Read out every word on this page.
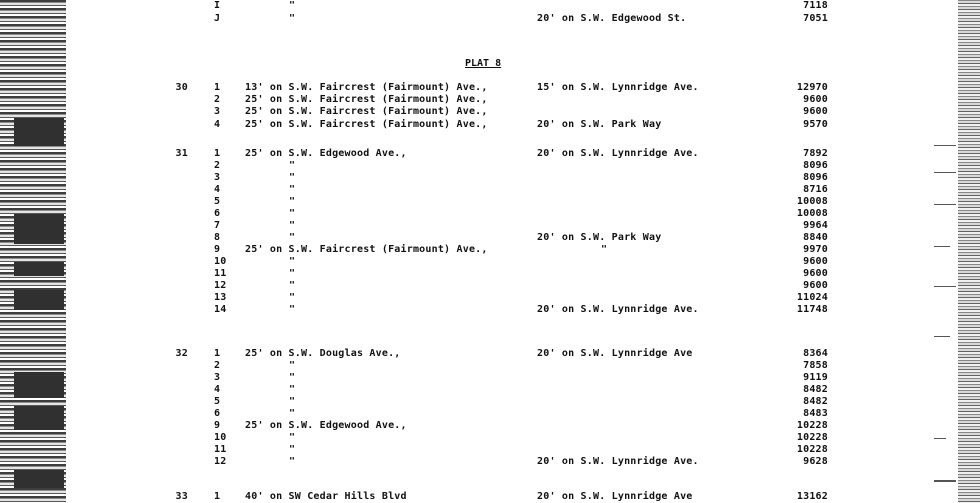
PLAT 8
I	"	7118
J	"	20' on S.W. Edgewood St.	7051
30	1 13' on S.W. Faircrest (Fairmount) Ave.,	15' on S.W. Lynnridge Ave.	12970
2 25' on S.W. Faircrest (Fairmount) Ave.,	9600
3 25' on S.W. Faircrest (Fairmount) Ave.,	9600
4 25' on S.W. Faircrest (Fairmount) Ave.,	20' on S.W. Park Way	9570
31	1 25' on S.W. Edgewood Ave.,	20' on S.W. Lynnridge Ave.	7892
2	"	8096
3	"	8096
4	"	8716
5	"	10008
6	"	10008
7	"	9964
8	"	20' on S.W. Park Way	8840
9 25' on S.W. Faircrest (Fairmount) Ave.,	"	9970
10	"	9600
11	"	9600
12	"	9600
13	"	11024
14	"	20' on S.W. Lynnridge Ave.	11748
32	1 25' on S.W. Douglas Ave.,	20' on S.W. Lynnridge Ave	8364
2	"	7858
3	"	9119
4	"	8482
5	"	8482
6	"	8483
9 25' on S.W. Edgewood Ave.,	10228
10	"	10228
11	"	10228
12	"	20' on S.W. Lynnridge Ave.	9628
33	1 40' on SW Cedar Hills Blvd	20' on S.W. Lynnridge Ave	13162
